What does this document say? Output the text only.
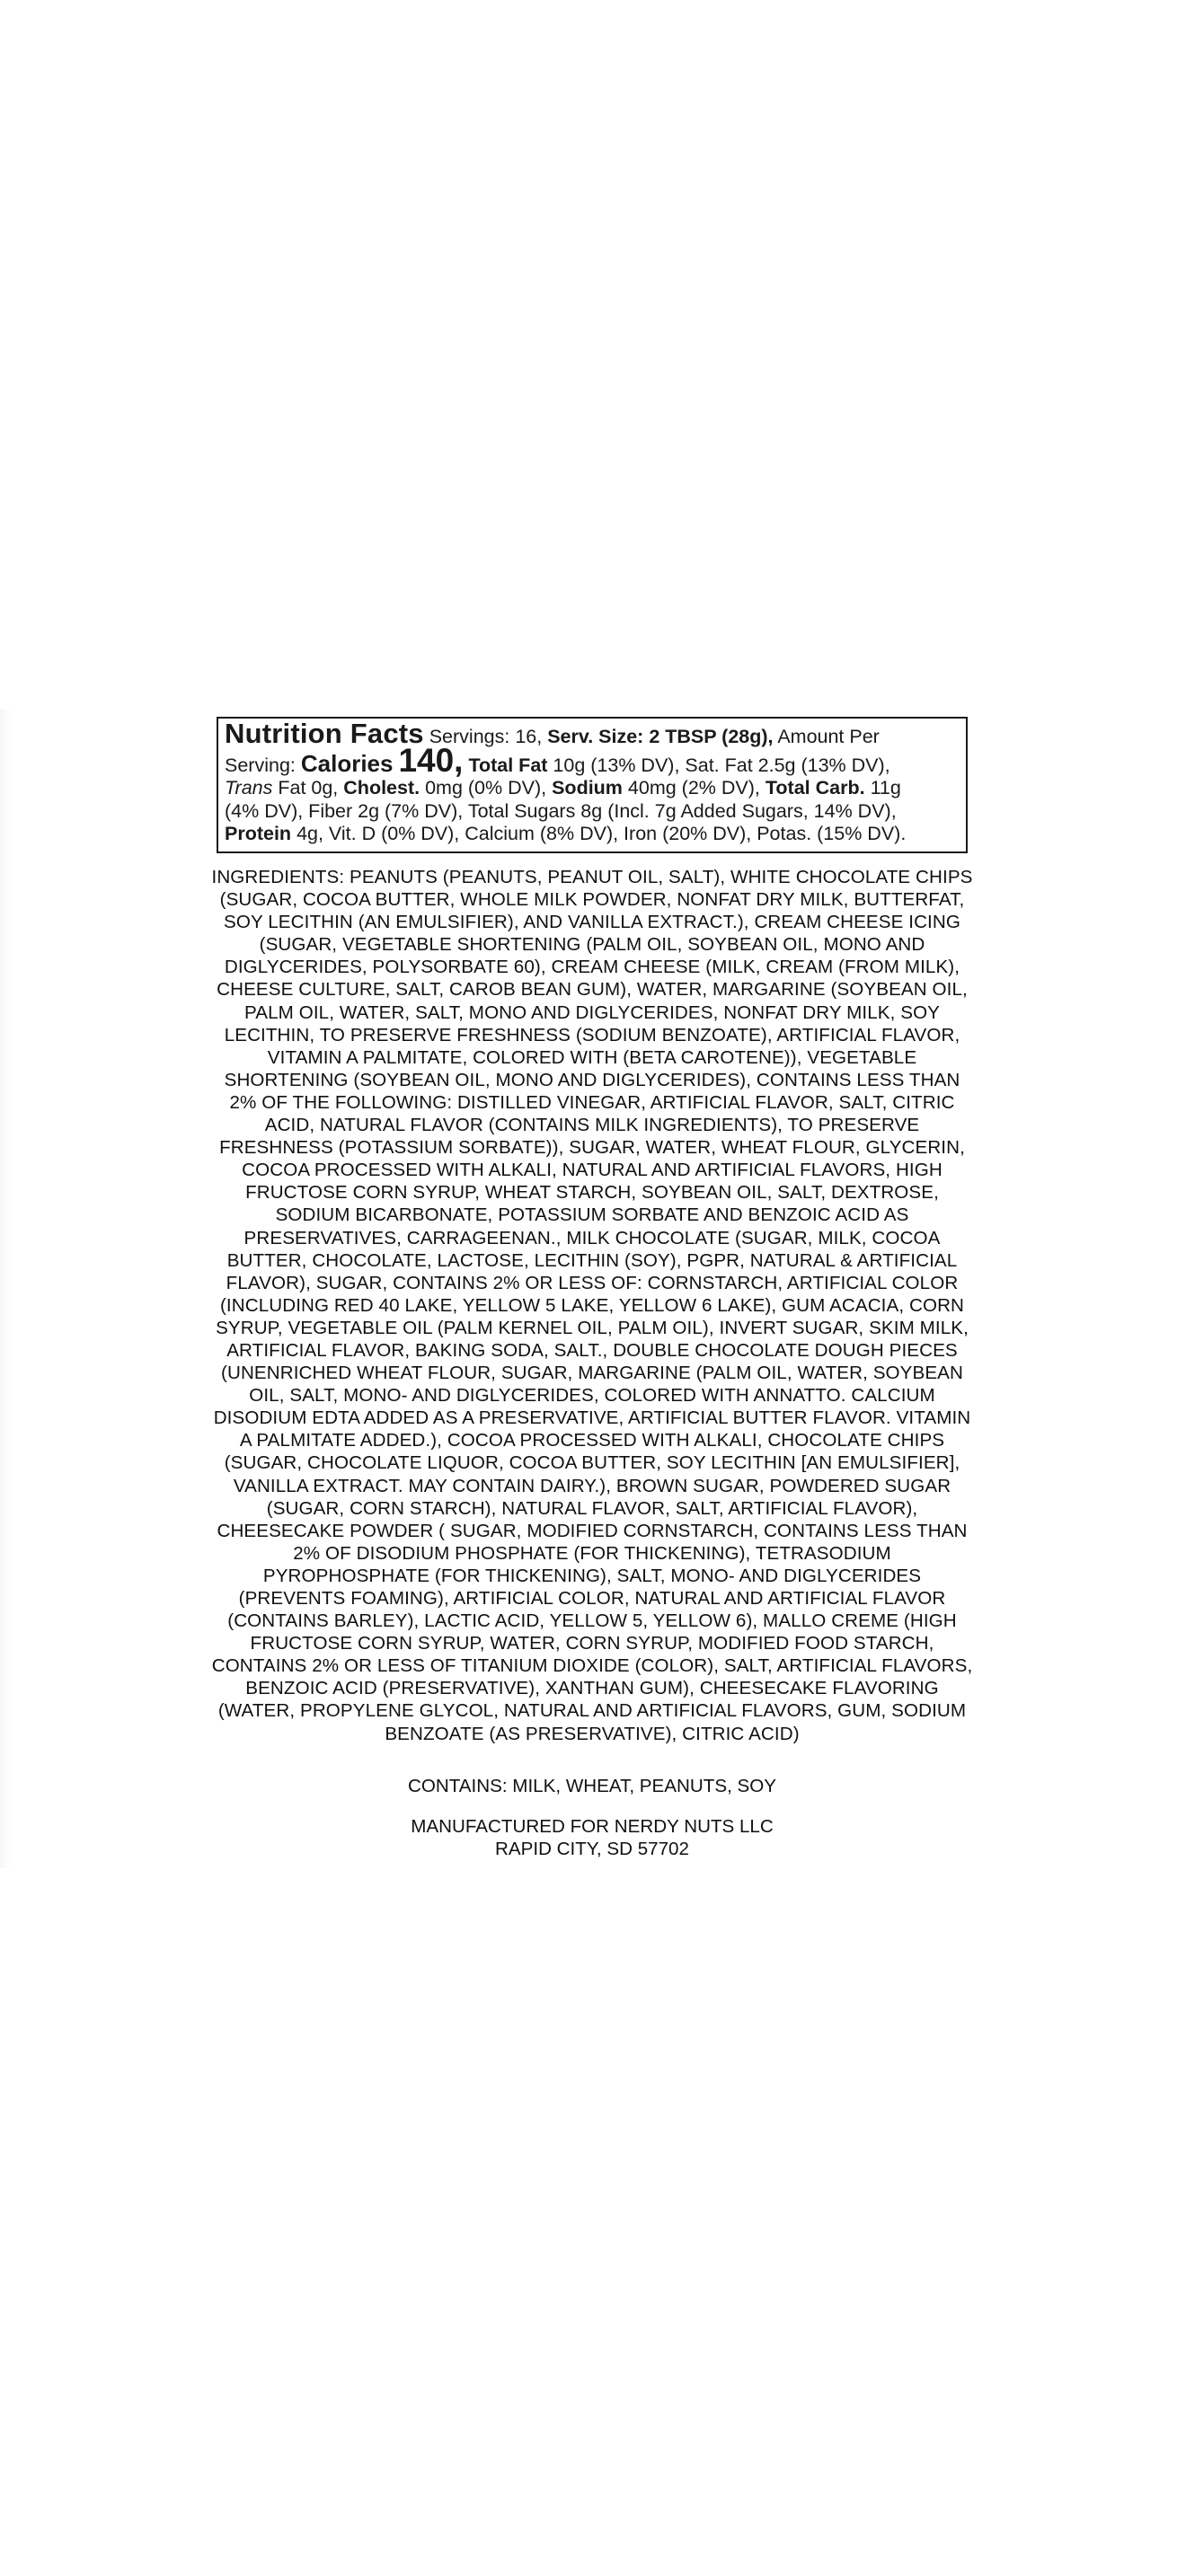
Nutrition Facts Servings: 16, Serv. Size: 2 TBSP (28g), Amount Per
Serving: Calories 140, Total Fat 10g (13% DV), Sat. Fat 2.5g (13% DV),
Trans Fat 0g, Cholest. 0mg (0% DV), Sodium 40mg (2% DV), Total Carb. 11g
(4% DV), Fiber 2g (7% DV), Total Sugars 8g (Incl. 7g Added Sugars, 14% DV),
Protein 4g, Vit. D (0% DV), Calcium (8% DV), Iron (20% DV), Potas. (15% DV).

INGREDIENTS: PEANUTS (PEANUTS, PEANUT OIL, SALT), WHITE CHOCOLATE CHIPS (SUGAR, COCOA BUTTER, WHOLE MILK POWDER, NONFAT DRY MILK, BUTTERFAT, SOY LECITHIN (AN EMULSIFIER), AND VANILLA EXTRACT.), CREAM CHEESE ICING (SUGAR, VEGETABLE SHORTENING (PALM OIL, SOYBEAN OIL, MONO AND DIGLYCERIDES, POLYSORBATE 60), CREAM CHEESE (MILK, CREAM (FROM MILK), CHEESE CULTURE, SALT, CAROB BEAN GUM), WATER, MARGARINE (SOYBEAN OIL, PALM OIL, WATER, SALT, MONO AND DIGLYCERIDES, NONFAT DRY MILK, SOY LECITHIN, TO PRESERVE FRESHNESS (SODIUM BENZOATE), ARTIFICIAL FLAVOR, VITAMIN A PALMITATE, COLORED WITH (BETA CAROTENE)), VEGETABLE SHORTENING (SOYBEAN OIL, MONO AND DIGLYCERIDES), CONTAINS LESS THAN 2% OF THE FOLLOWING: DISTILLED VINEGAR, ARTIFICIAL FLAVOR, SALT, CITRIC ACID, NATURAL FLAVOR (CONTAINS MILK INGREDIENTS), TO PRESERVE FRESHNESS (POTASSIUM SORBATE)), SUGAR, WATER, WHEAT FLOUR, GLYCERIN, COCOA PROCESSED WITH ALKALI, NATURAL AND ARTIFICIAL FLAVORS, HIGH FRUCTOSE CORN SYRUP, WHEAT STARCH, SOYBEAN OIL, SALT, DEXTROSE, SODIUM BICARBONATE, POTASSIUM SORBATE AND BENZOIC ACID AS PRESERVATIVES, CARRAGEENAN., MILK CHOCOLATE (SUGAR, MILK, COCOA BUTTER, CHOCOLATE, LACTOSE, LECITHIN (SOY), PGPR, NATURAL & ARTIFICIAL FLAVOR), SUGAR, CONTAINS 2% OR LESS OF: CORNSTARCH, ARTIFICIAL COLOR (INCLUDING RED 40 LAKE, YELLOW 5 LAKE, YELLOW 6 LAKE), GUM ACACIA, CORN SYRUP, VEGETABLE OIL (PALM KERNEL OIL, PALM OIL), INVERT SUGAR, SKIM MILK, ARTIFICIAL FLAVOR, BAKING SODA, SALT., DOUBLE CHOCOLATE DOUGH PIECES (UNENRICHED WHEAT FLOUR, SUGAR, MARGARINE (PALM OIL, WATER, SOYBEAN OIL, SALT, MONO- AND DIGLYCERIDES, COLORED WITH ANNATTO. CALCIUM DISODIUM EDTA ADDED AS A PRESERVATIVE, ARTIFICIAL BUTTER FLAVOR. VITAMIN A PALMITATE ADDED.), COCOA PROCESSED WITH ALKALI, CHOCOLATE CHIPS (SUGAR, CHOCOLATE LIQUOR, COCOA BUTTER, SOY LECITHIN [AN EMULSIFIER], VANILLA EXTRACT. MAY CONTAIN DAIRY.), BROWN SUGAR, POWDERED SUGAR (SUGAR, CORN STARCH), NATURAL FLAVOR, SALT, ARTIFICIAL FLAVOR), CHEESECAKE POWDER ( SUGAR, MODIFIED CORNSTARCH, CONTAINS LESS THAN 2% OF DISODIUM PHOSPHATE (FOR THICKENING), TETRASODIUM PYROPHOSPHATE (FOR THICKENING), SALT, MONO- AND DIGLYCERIDES (PREVENTS FOAMING), ARTIFICIAL COLOR, NATURAL AND ARTIFICIAL FLAVOR (CONTAINS BARLEY), LACTIC ACID, YELLOW 5, YELLOW 6), MALLO CREME (HIGH FRUCTOSE CORN SYRUP, WATER, CORN SYRUP, MODIFIED FOOD STARCH, CONTAINS 2% OR LESS OF TITANIUM DIOXIDE (COLOR), SALT, ARTIFICIAL FLAVORS, BENZOIC ACID (PRESERVATIVE), XANTHAN GUM), CHEESECAKE FLAVORING (WATER, PROPYLENE GLYCOL, NATURAL AND ARTIFICIAL FLAVORS, GUM, SODIUM BENZOATE (AS PRESERVATIVE), CITRIC ACID)

CONTAINS: MILK, WHEAT, PEANUTS, SOY

MANUFACTURED FOR NERDY NUTS LLC
RAPID CITY, SD 57702
